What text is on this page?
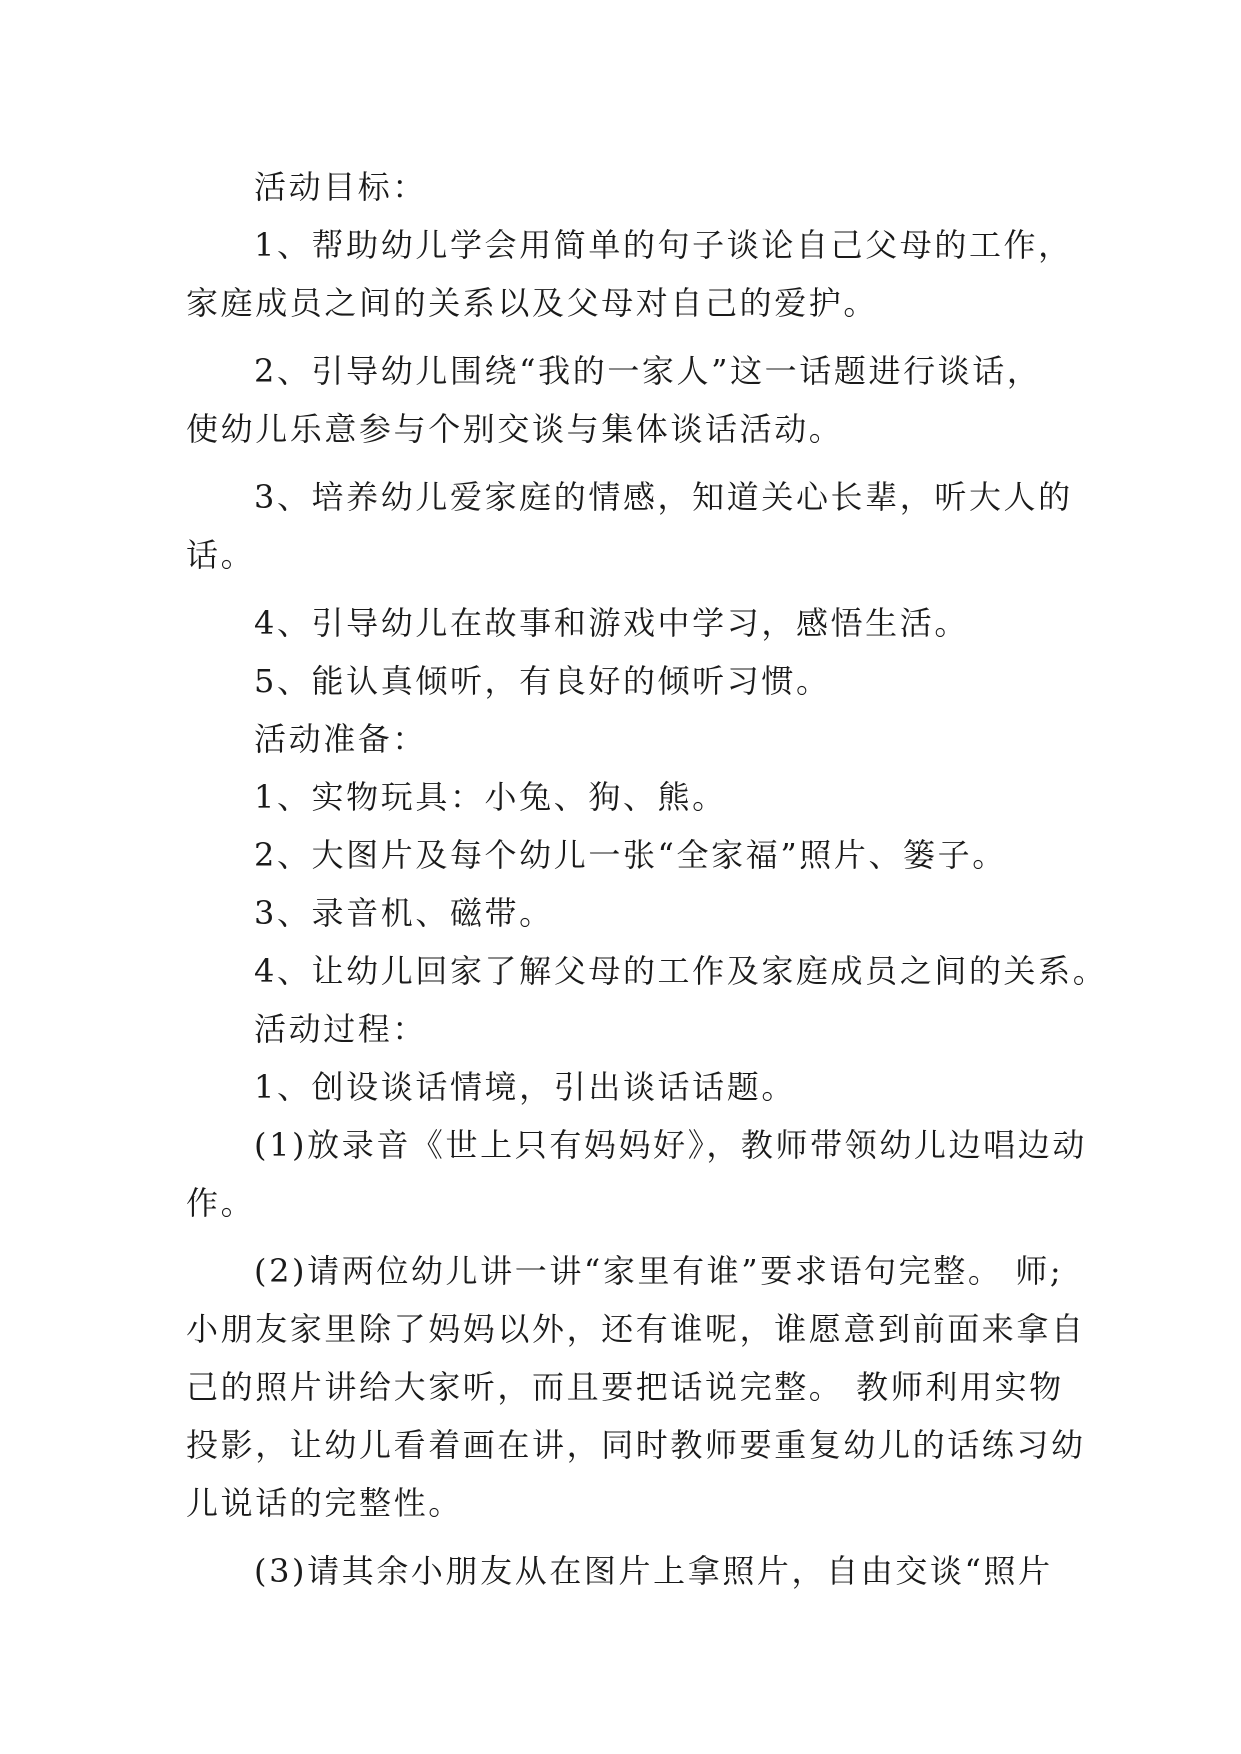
活动目标：
1、帮助幼儿学会用简单的句子谈论自己父母的工作，
家庭成员之间的关系以及父母对自己的爱护。
2、引导幼儿围绕“我的一家人”这一话题进行谈话，
使幼儿乐意参与个别交谈与集体谈话活动。
3、培养幼儿爱家庭的情感，知道关心长辈，听大人的
话。
4、引导幼儿在故事和游戏中学习，感悟生活。
5、能认真倾听，有良好的倾听习惯。
活动准备：
1、实物玩具：小兔、狗、熊。
2、大图片及每个幼儿一张“全家福”照片、篓子。
3、录音机、磁带。
4、让幼儿回家了解父母的工作及家庭成员之间的关系。
活动过程：
1、创设谈话情境，引出谈话话题。
(1)放录音《世上只有妈妈好》，教师带领幼儿边唱边动
作。
(2)请两位幼儿讲一讲“家里有谁”要求语句完整。 师;
小朋友家里除了妈妈以外，还有谁呢，谁愿意到前面来拿自
己的照片讲给大家听，而且要把话说完整。 教师利用实物
投影，让幼儿看着画在讲，同时教师要重复幼儿的话练习幼
儿说话的完整性。
(3)请其余小朋友从在图片上拿照片，自由交谈“照片
